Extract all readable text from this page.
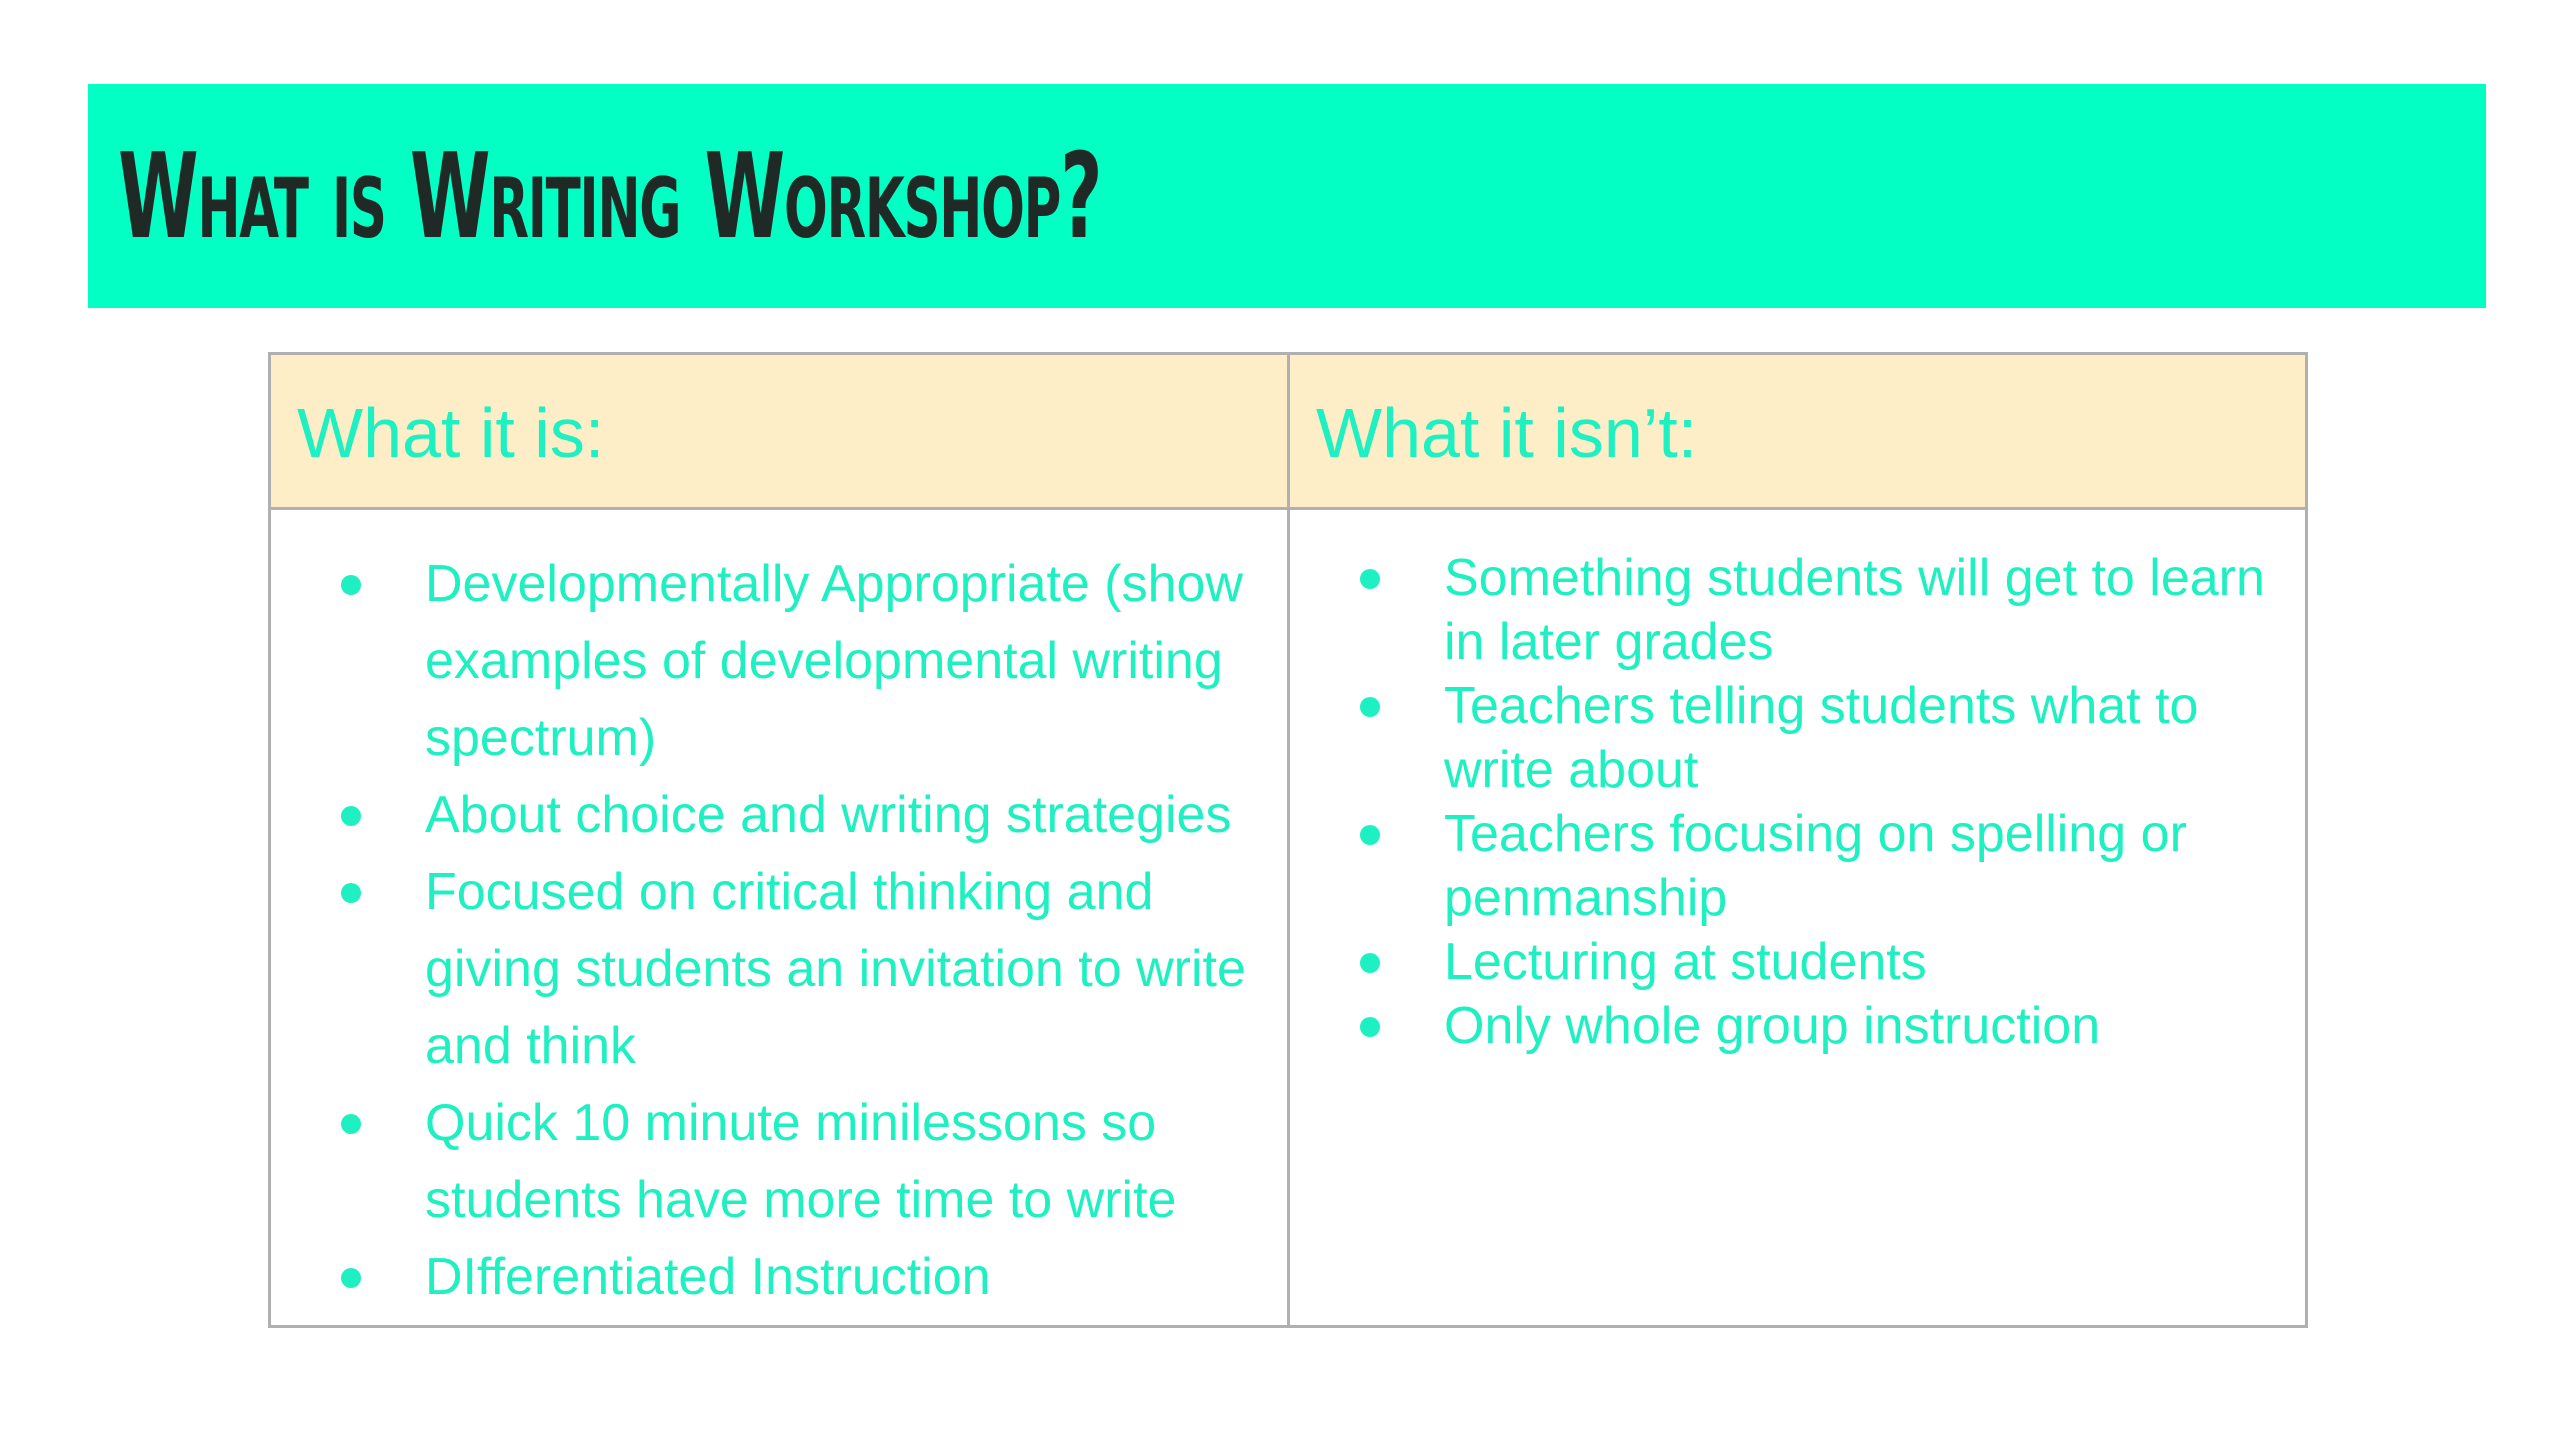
What is Writing Workshop?
What it is:	What it isn’t:
Developmentally Appropriate (show examples of developmental writing spectrum)
About choice and writing strategies
Focused on critical thinking and giving students an invitation to write and think
Quick 10 minute minilessons so students have more time to write
DIfferentiated Instruction
Something students will get to learn in later grades
Teachers telling students what to write about
Teachers focusing on spelling or penmanship
Lecturing at students
Only whole group instruction
